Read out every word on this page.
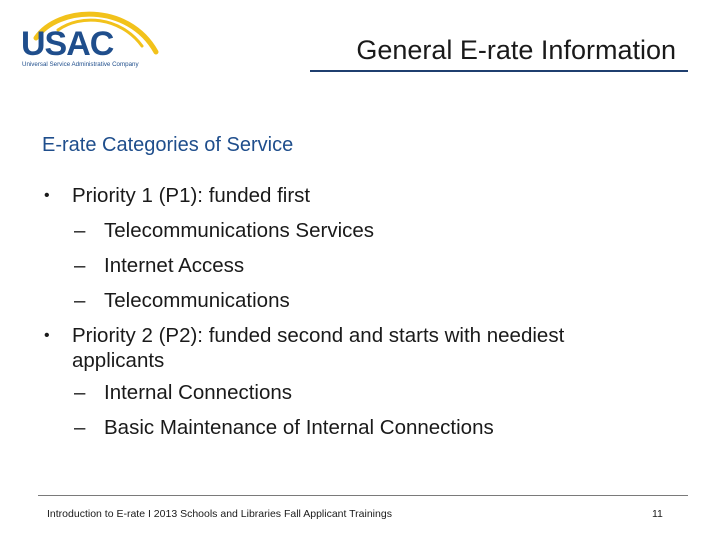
USAC
Universal Service Administrative Company	General E-rate Information
E-rate Categories of Service
• Priority 1 (P1): funded first
– Telecommunications Services
– Internet Access
– Telecommunications
• Priority 2 (P2): funded second and starts with neediest
applicants
– Internal Connections
– Basic Maintenance of Internal Connections
Introduction to E-rate I 2013 Schools and Libraries Fall Applicant Trainings	11
